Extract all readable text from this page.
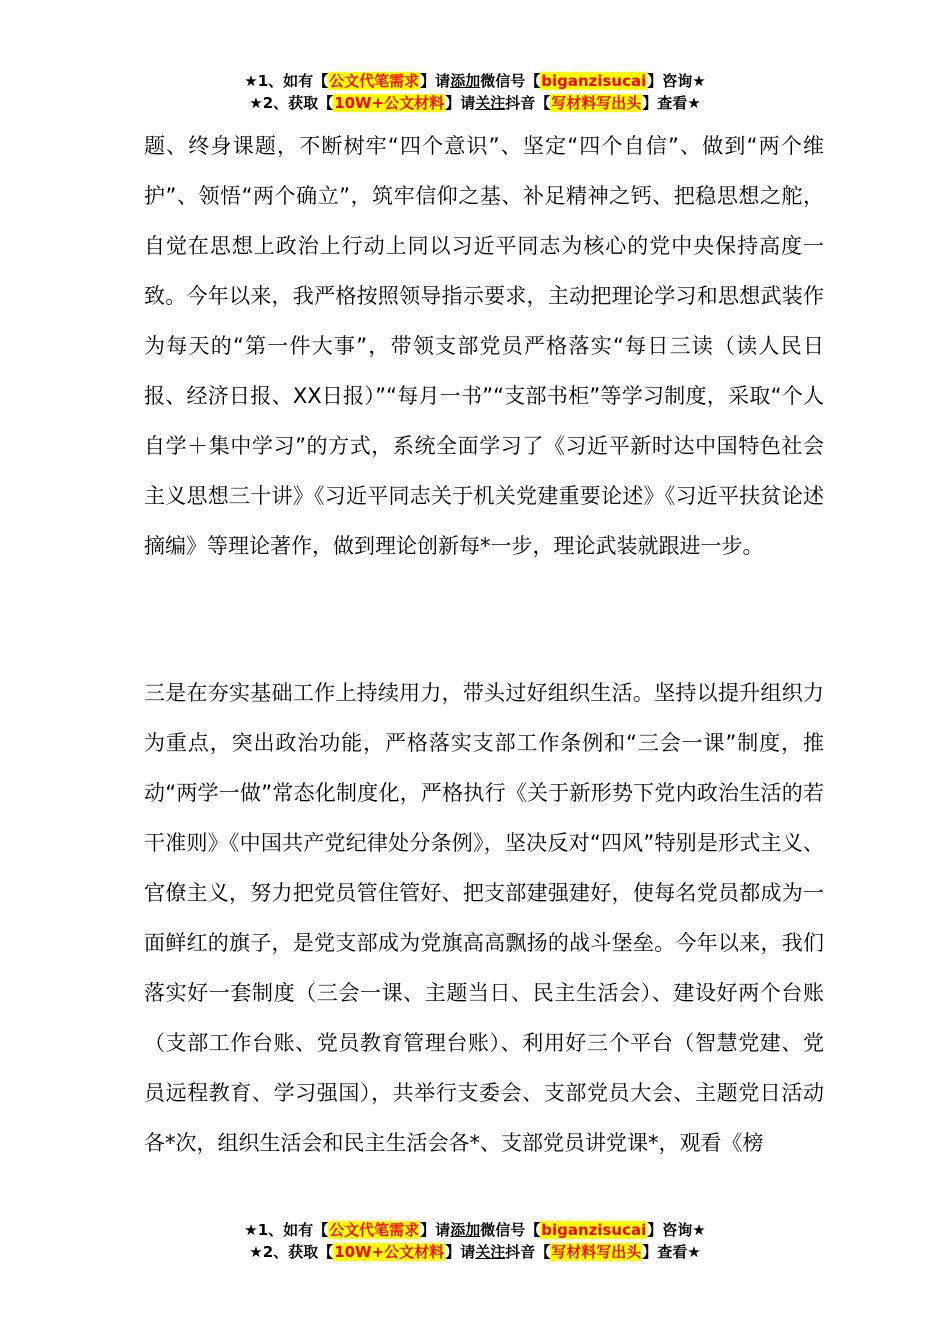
★1、如有【公文代笔需求】请添加微信号【biganzisucai】咨询★
★2、获取【10W+公文材料】请关注抖音【写材料写出头】查看★

题、终身课题，不断树牢“四个意识”、坚定“四个自信”、做到“两个维护”、领悟“两个确立”，筑牢信仰之基、补足精神之钙、把稳思想之舵，自觉在思想上政治上行动上同以习近平同志为核心的党中央保持高度一致。今年以来，我严格按照领导指示要求，主动把理论学习和思想武装作为每天的“第一件大事”，带领支部党员严格落实“每日三读（读人民日报、经济日报、XX日报）”“每月一书”“支部书柜”等学习制度，采取“个人自学＋集中学习”的方式，系统全面学习了《习近平新时达中国特色社会主义思想三十讲》《习近平同志关于机关党建重要论述》《习近平扶贫论述摘编》等理论著作，做到理论创新每*一步，理论武装就跟进一步。

三是在夯实基础工作上持续用力，带头过好组织生活。坚持以提升组织力为重点，突出政治功能，严格落实支部工作条例和“三会一课”制度，推动“两学一做”常态化制度化，严格执行《关于新形势下党内政治生活的若干准则》《中国共产党纪律处分条例》，坚决反对“四风”特别是形式主义、官僚主义，努力把党员管住管好、把支部建强建好，使每名党员都成为一面鲜红的旗子，是党支部成为党旗高高飘扬的战斗堡垒。今年以来，我们落实好一套制度（三会一课、主题当日、民主生活会）、建设好两个台账（支部工作台账、党员教育管理台账）、利用好三个平台（智慧党建、党员远程教育、学习强国），共举行支委会、支部党员大会、主题党日活动各*次，组织生活会和民主生活会各*、支部党员讲党课*，观看《榜

★1、如有【公文代笔需求】请添加微信号【biganzisucai】咨询★
★2、获取【10W+公文材料】请关注抖音【写材料写出头】查看★
